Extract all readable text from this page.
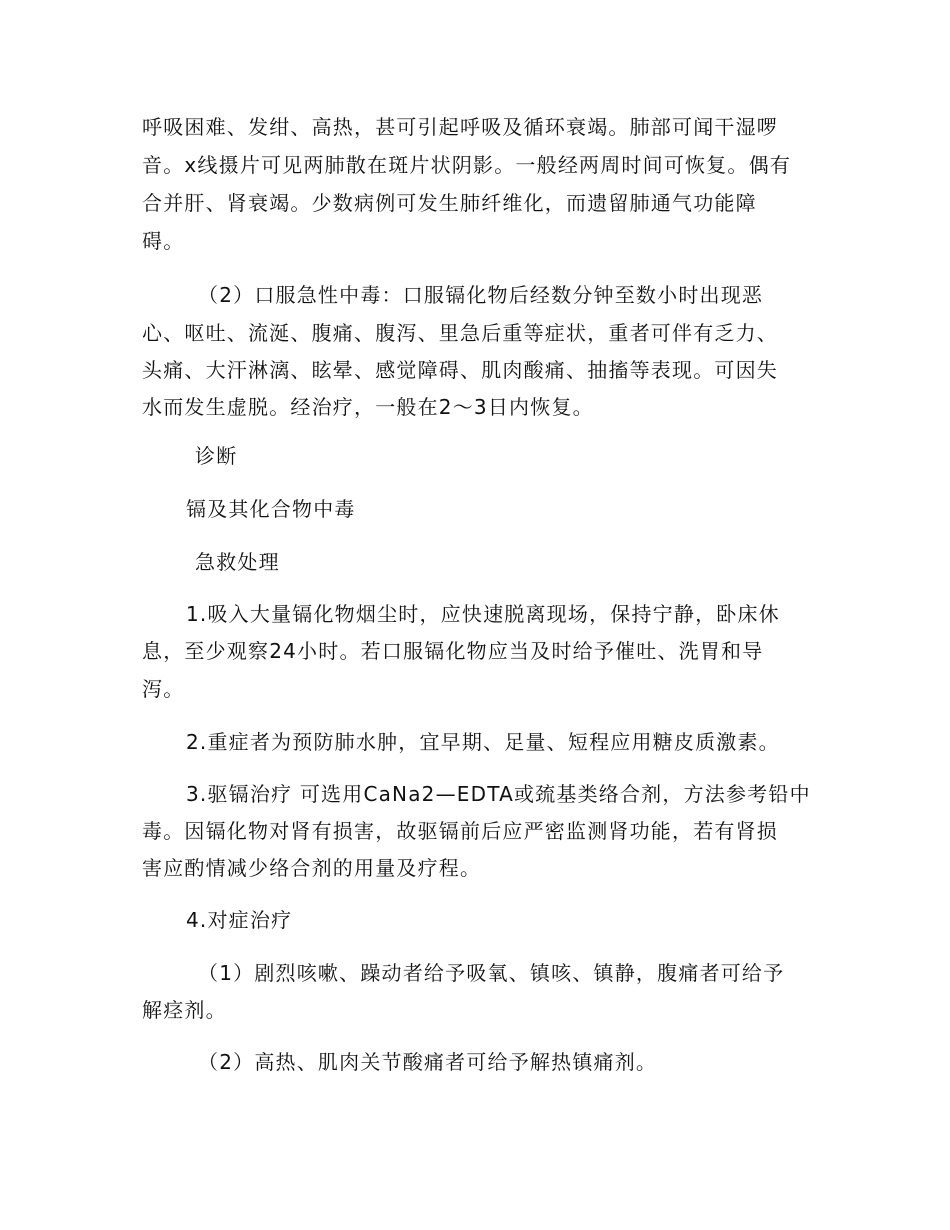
呼吸困难、发绀、高热，甚可引起呼吸及循环衰竭。肺部可闻干湿啰

音。x线摄片可见两肺散在斑片状阴影。一般经两周时间可恢复。偶有

合并肝、肾衰竭。少数病例可发生肺纤维化，而遗留肺通气功能障

碍。

（2）口服急性中毒：口服镉化物后经数分钟至数小时出现恶

心、呕吐、流涎、腹痛、腹泻、里急后重等症状，重者可伴有乏力、

头痛、大汗淋漓、眩晕、感觉障碍、肌肉酸痛、抽搐等表现。可因失

水而发生虚脱。经治疗，一般在2～3日内恢复。

诊断

镉及其化合物中毒

急救处理

1.吸入大量镉化物烟尘时，应快速脱离现场，保持宁静，卧床休

息，至少观察24小时。若口服镉化物应当及时给予催吐、洗胃和导

泻。

2.重症者为预防肺水肿，宜早期、足量、短程应用糖皮质激素。

3.驱镉治疗 可选用CaNa2—EDTA或巯基类络合剂，方法参考铅中

毒。因镉化物对肾有损害，故驱镉前后应严密监测肾功能，若有肾损

害应酌情减少络合剂的用量及疗程。

4.对症治疗

（1）剧烈咳嗽、躁动者给予吸氧、镇咳、镇静，腹痛者可给予

解痉剂。

（2）高热、肌肉关节酸痛者可给予解热镇痛剂。
